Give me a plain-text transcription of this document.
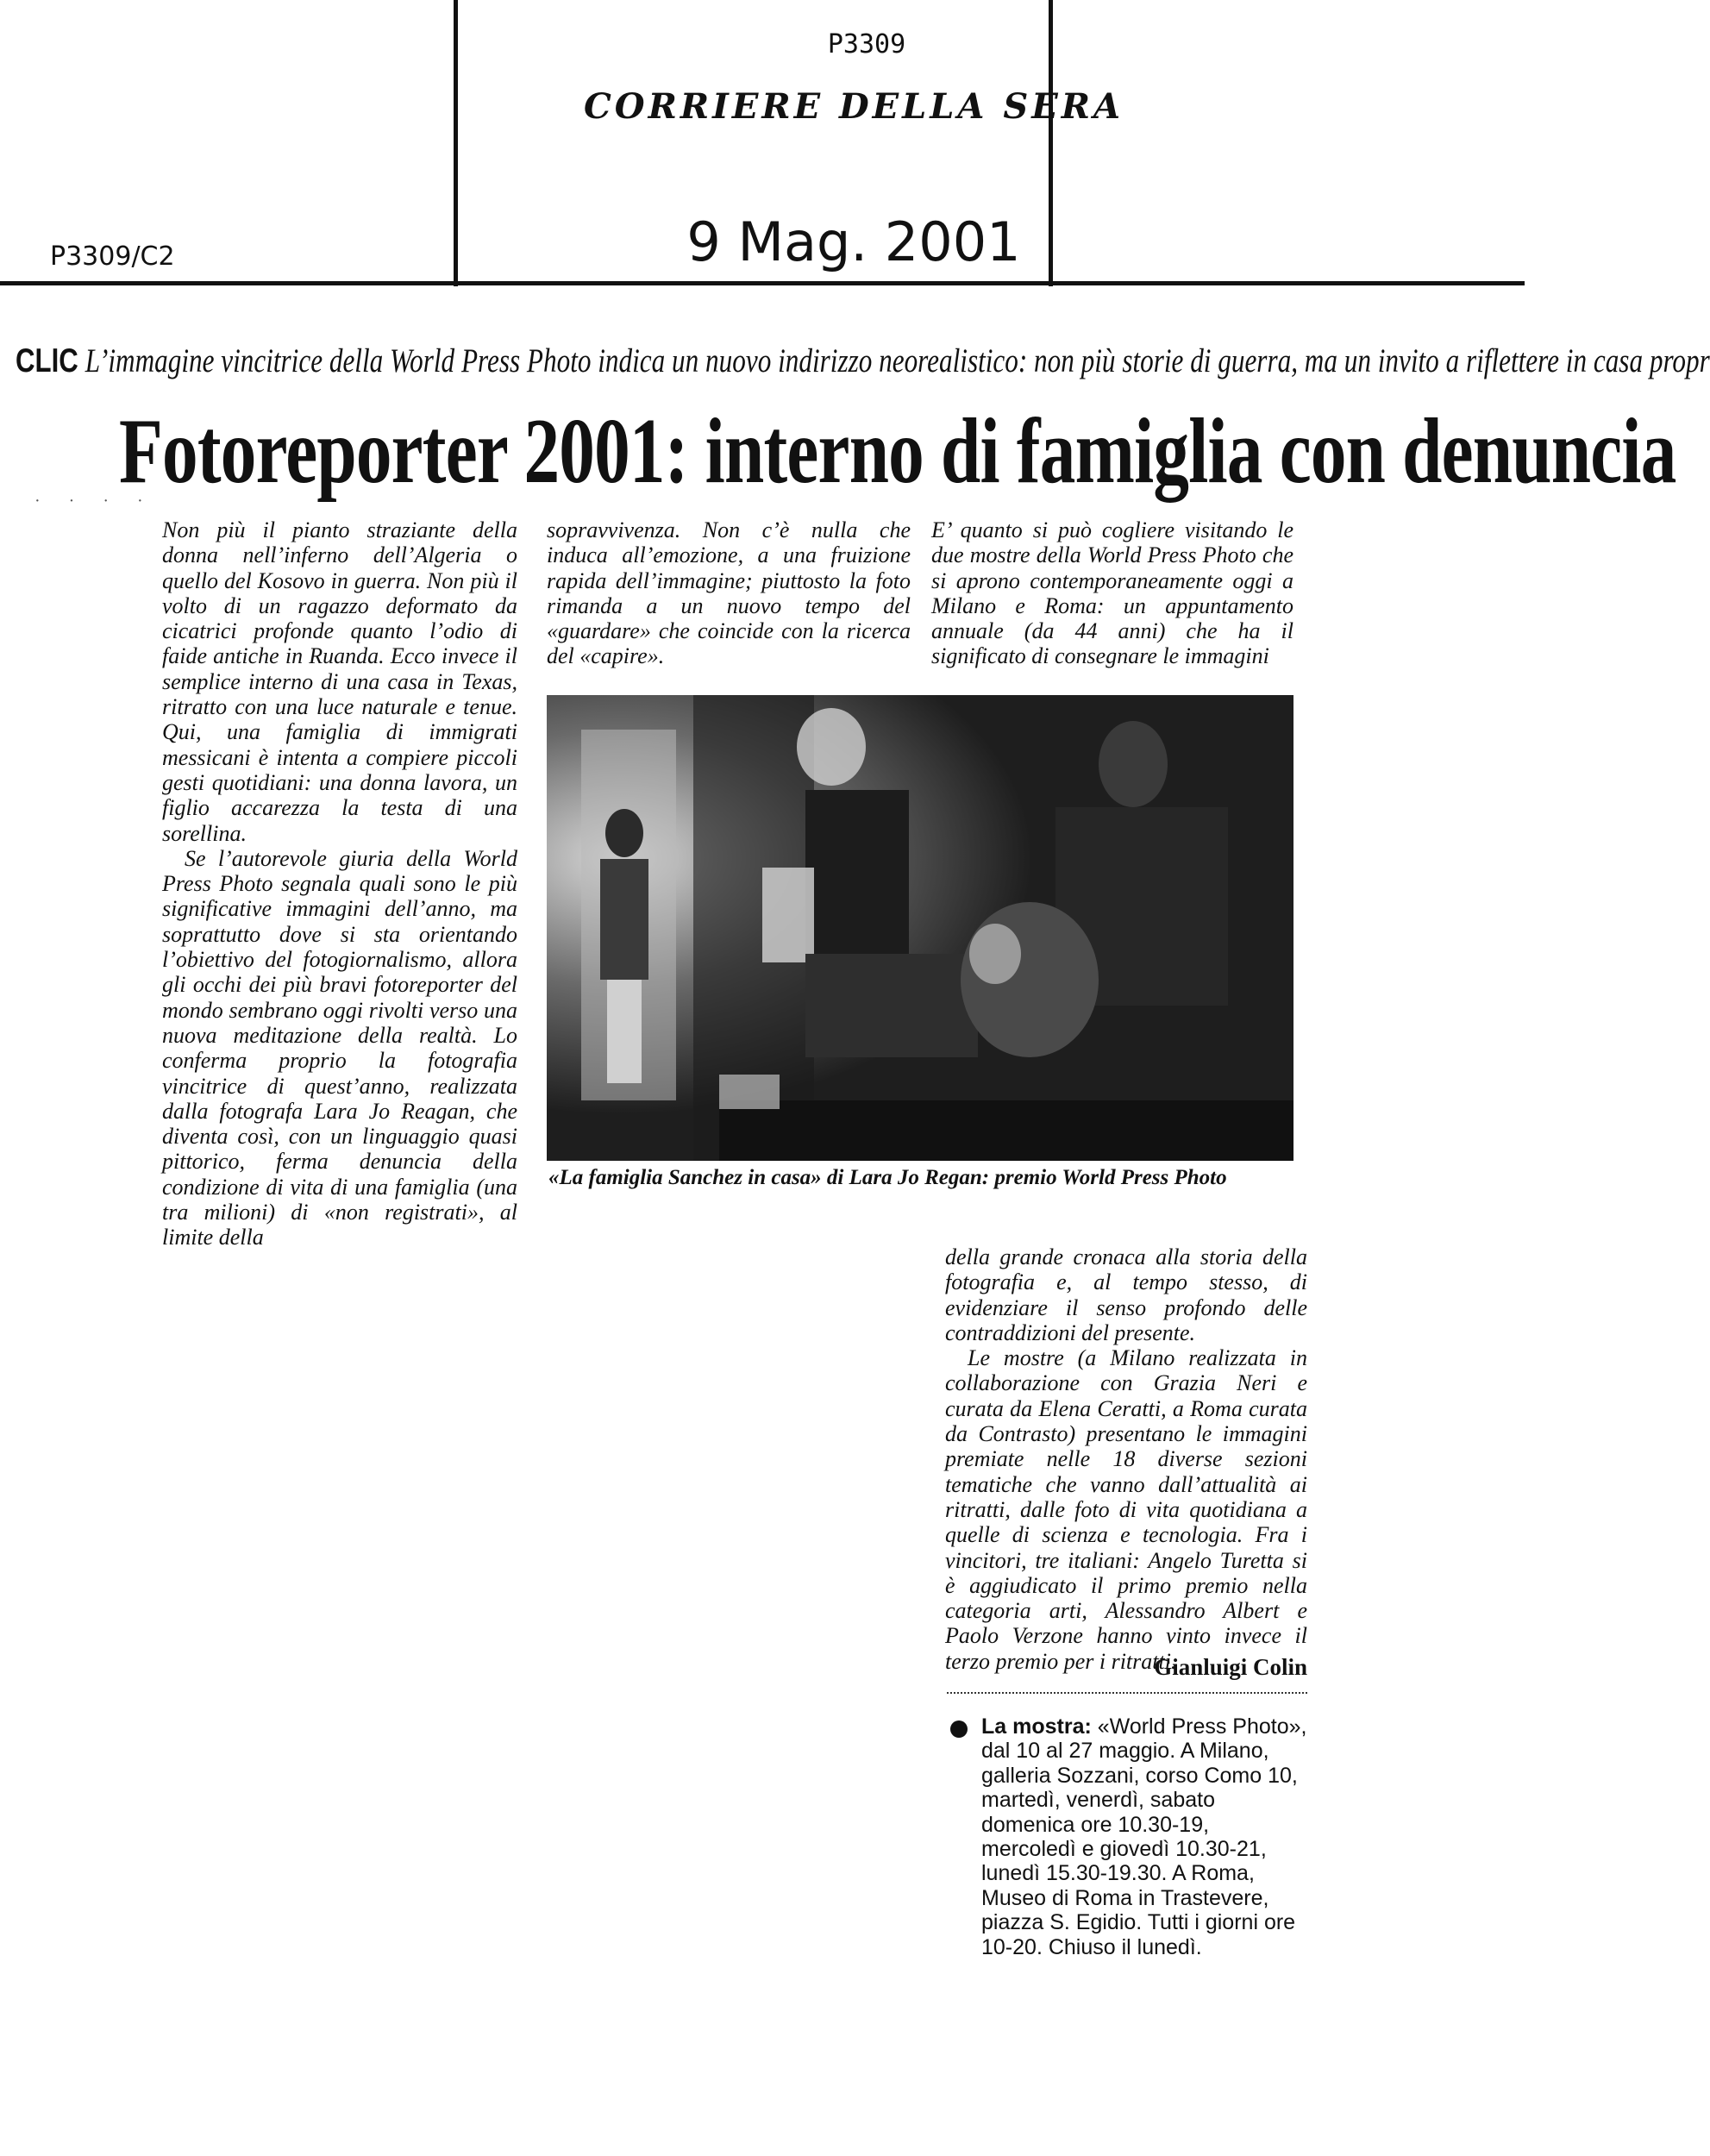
P3309
CORRIERE DELLA SERA
P3309/C2	9 Mag. 2001
CLIC L’immagine vincitrice della World Press Photo indica un nuovo indirizzo neorealistico: non più storie di guerra, ma un invito a riflettere in casa propr
Fotoreporter 2001: interno di famiglia con denuncia
· · · ·

Non più il pianto straziante della donna nell’inferno dell’Algeria o quello del Kosovo in guerra. Non più il volto di un ragazzo deformato da cicatrici profonde quanto l’odio di faide antiche in Ruanda. Ecco invece il semplice interno di una casa in Texas, ritratto con una luce naturale e tenue. Qui, una famiglia di immigrati messicani è intenta a compiere piccoli gesti quotidiani: una donna lavora, un figlio accarezza la testa di una sorellina.

Se l’autorevole giuria della World Press Photo segnala quali sono le più significative immagini dell’anno, ma soprattutto dove si sta orientando l’obiettivo del fotogiornalismo, allora gli occhi dei più bravi fotoreporter del mondo sembrano oggi rivolti verso una nuova meditazione della realtà. Lo conferma proprio la fotografia vincitrice di quest’anno, realizzata dalla fotografa Lara Jo Reagan, che diventa così, con un linguaggio quasi pittorico, ferma denuncia della condizione di vita di una famiglia (una tra milioni) di «non registrati», al limite della

sopravvivenza. Non c’è nulla che induca all’emozione, a una fruizione rapida dell’immagine; piuttosto la foto rimanda a un nuovo tempo del «guardare» che coincide con la ricerca del «capire».

E’ quanto si può cogliere visitando le due mostre della World Press Photo che si aprono contemporaneamente oggi a Milano e Roma: un appuntamento annuale (da 44 anni) che ha il significato di consegnare le immagini

«La famiglia Sanchez in casa» di Lara Jo Regan: premio World Press Photo

della grande cronaca alla storia della fotografia e, al tempo stesso, di evidenziare il senso profondo delle contraddizioni del presente.

Le mostre (a Milano realizzata in collaborazione con Grazia Neri e curata da Elena Ceratti, a Roma curata da Contrasto) presentano le immagini premiate nelle 18 diverse sezioni tematiche che vanno dall’attualità ai ritratti, dalle foto di vita quotidiana a quelle di scienza e tecnologia. Fra i vincitori, tre italiani: Angelo Turetta si è aggiudicato il primo premio nella categoria arti, Alessandro Albert e Paolo Verzone hanno vinto invece il terzo premio per i ritratti.

Gianluigi Colin
La mostra: «World Press Photo», dal 10 al 27 maggio. A Milano, galleria Sozzani, corso Como 10, martedì, venerdì, sabato domenica ore 10.30-19, mercoledì e giovedì 10.30-21, lunedì 15.30-19.30. A Roma, Museo di Roma in Trastevere, piazza S. Egidio. Tutti i giorni ore 10-20. Chiuso il lunedì.
